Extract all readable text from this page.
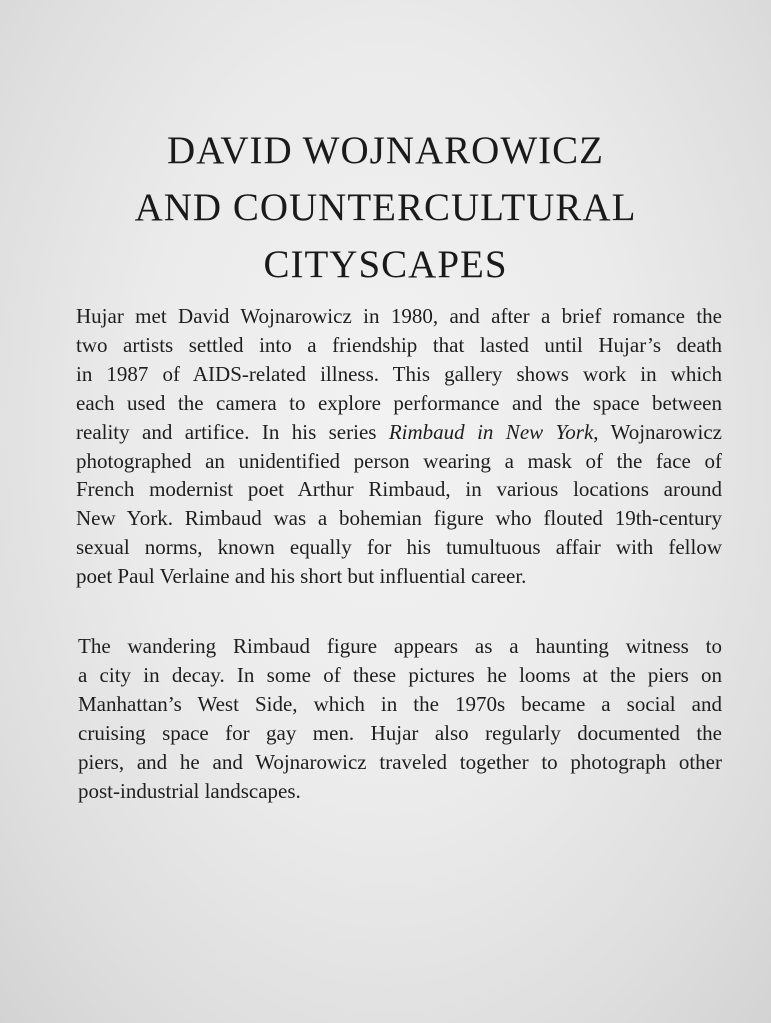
DAVID WOJNAROWICZ
AND COUNTERCULTURAL
CITYSCAPES
Hujar met David Wojnarowicz in 1980, and after a brief romance the
two artists settled into a friendship that lasted until Hujar’s death
in 1987 of AIDS-related illness. This gallery shows work in which
each used the camera to explore performance and the space between
reality and artifice. In his series Rimbaud in New York, Wojnarowicz
photographed an unidentified person wearing a mask of the face of
French modernist poet Arthur Rimbaud, in various locations around
New York. Rimbaud was a bohemian figure who flouted 19th-century
sexual norms, known equally for his tumultuous affair with fellow
poet Paul Verlaine and his short but influential career.
The wandering Rimbaud figure appears as a haunting witness to
a city in decay. In some of these pictures he looms at the piers on
Manhattan’s West Side, which in the 1970s became a social and
cruising space for gay men. Hujar also regularly documented the
piers, and he and Wojnarowicz traveled together to photograph other
post-industrial landscapes.
